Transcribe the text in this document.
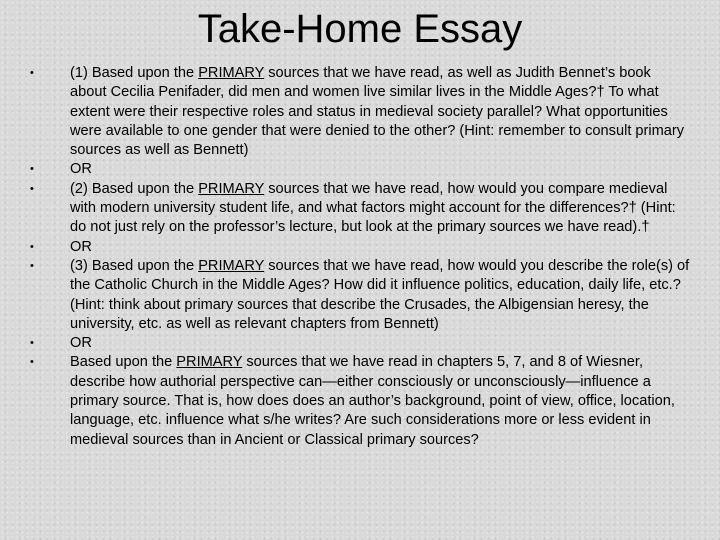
Take-Home Essay
• (1) Based upon the PRIMARY sources that we have read, as well as Judith Bennet’s book about Cecilia Penifader, did men and women live similar lives in the Middle Ages?† To what extent were their respective roles and status in medieval society parallel? What opportunities were available to one gender that were denied to the other? (Hint: remember to consult primary sources as well as Bennett)
• OR
• (2) Based upon the PRIMARY sources that we have read, how would you compare medieval with modern university student life, and what factors might account for the differences?† (Hint: do not just rely on the professor’s lecture, but look at the primary sources we have read).†
• OR
• (3) Based upon the PRIMARY sources that we have read, how would you describe the role(s) of the Catholic Church in the Middle Ages? How did it influence politics, education, daily life, etc.? (Hint: think about primary sources that describe the Crusades, the Albigensian heresy, the university, etc. as well as relevant chapters from Bennett)
• OR
• Based upon the PRIMARY sources that we have read in chapters 5, 7, and 8 of Wiesner, describe how authorial perspective can—either consciously or unconsciously—influence a primary source. That is, how does does an author’s background, point of view, office, location, language, etc. influence what s/he writes? Are such considerations more or less evident in medieval sources than in Ancient or Classical primary sources?
